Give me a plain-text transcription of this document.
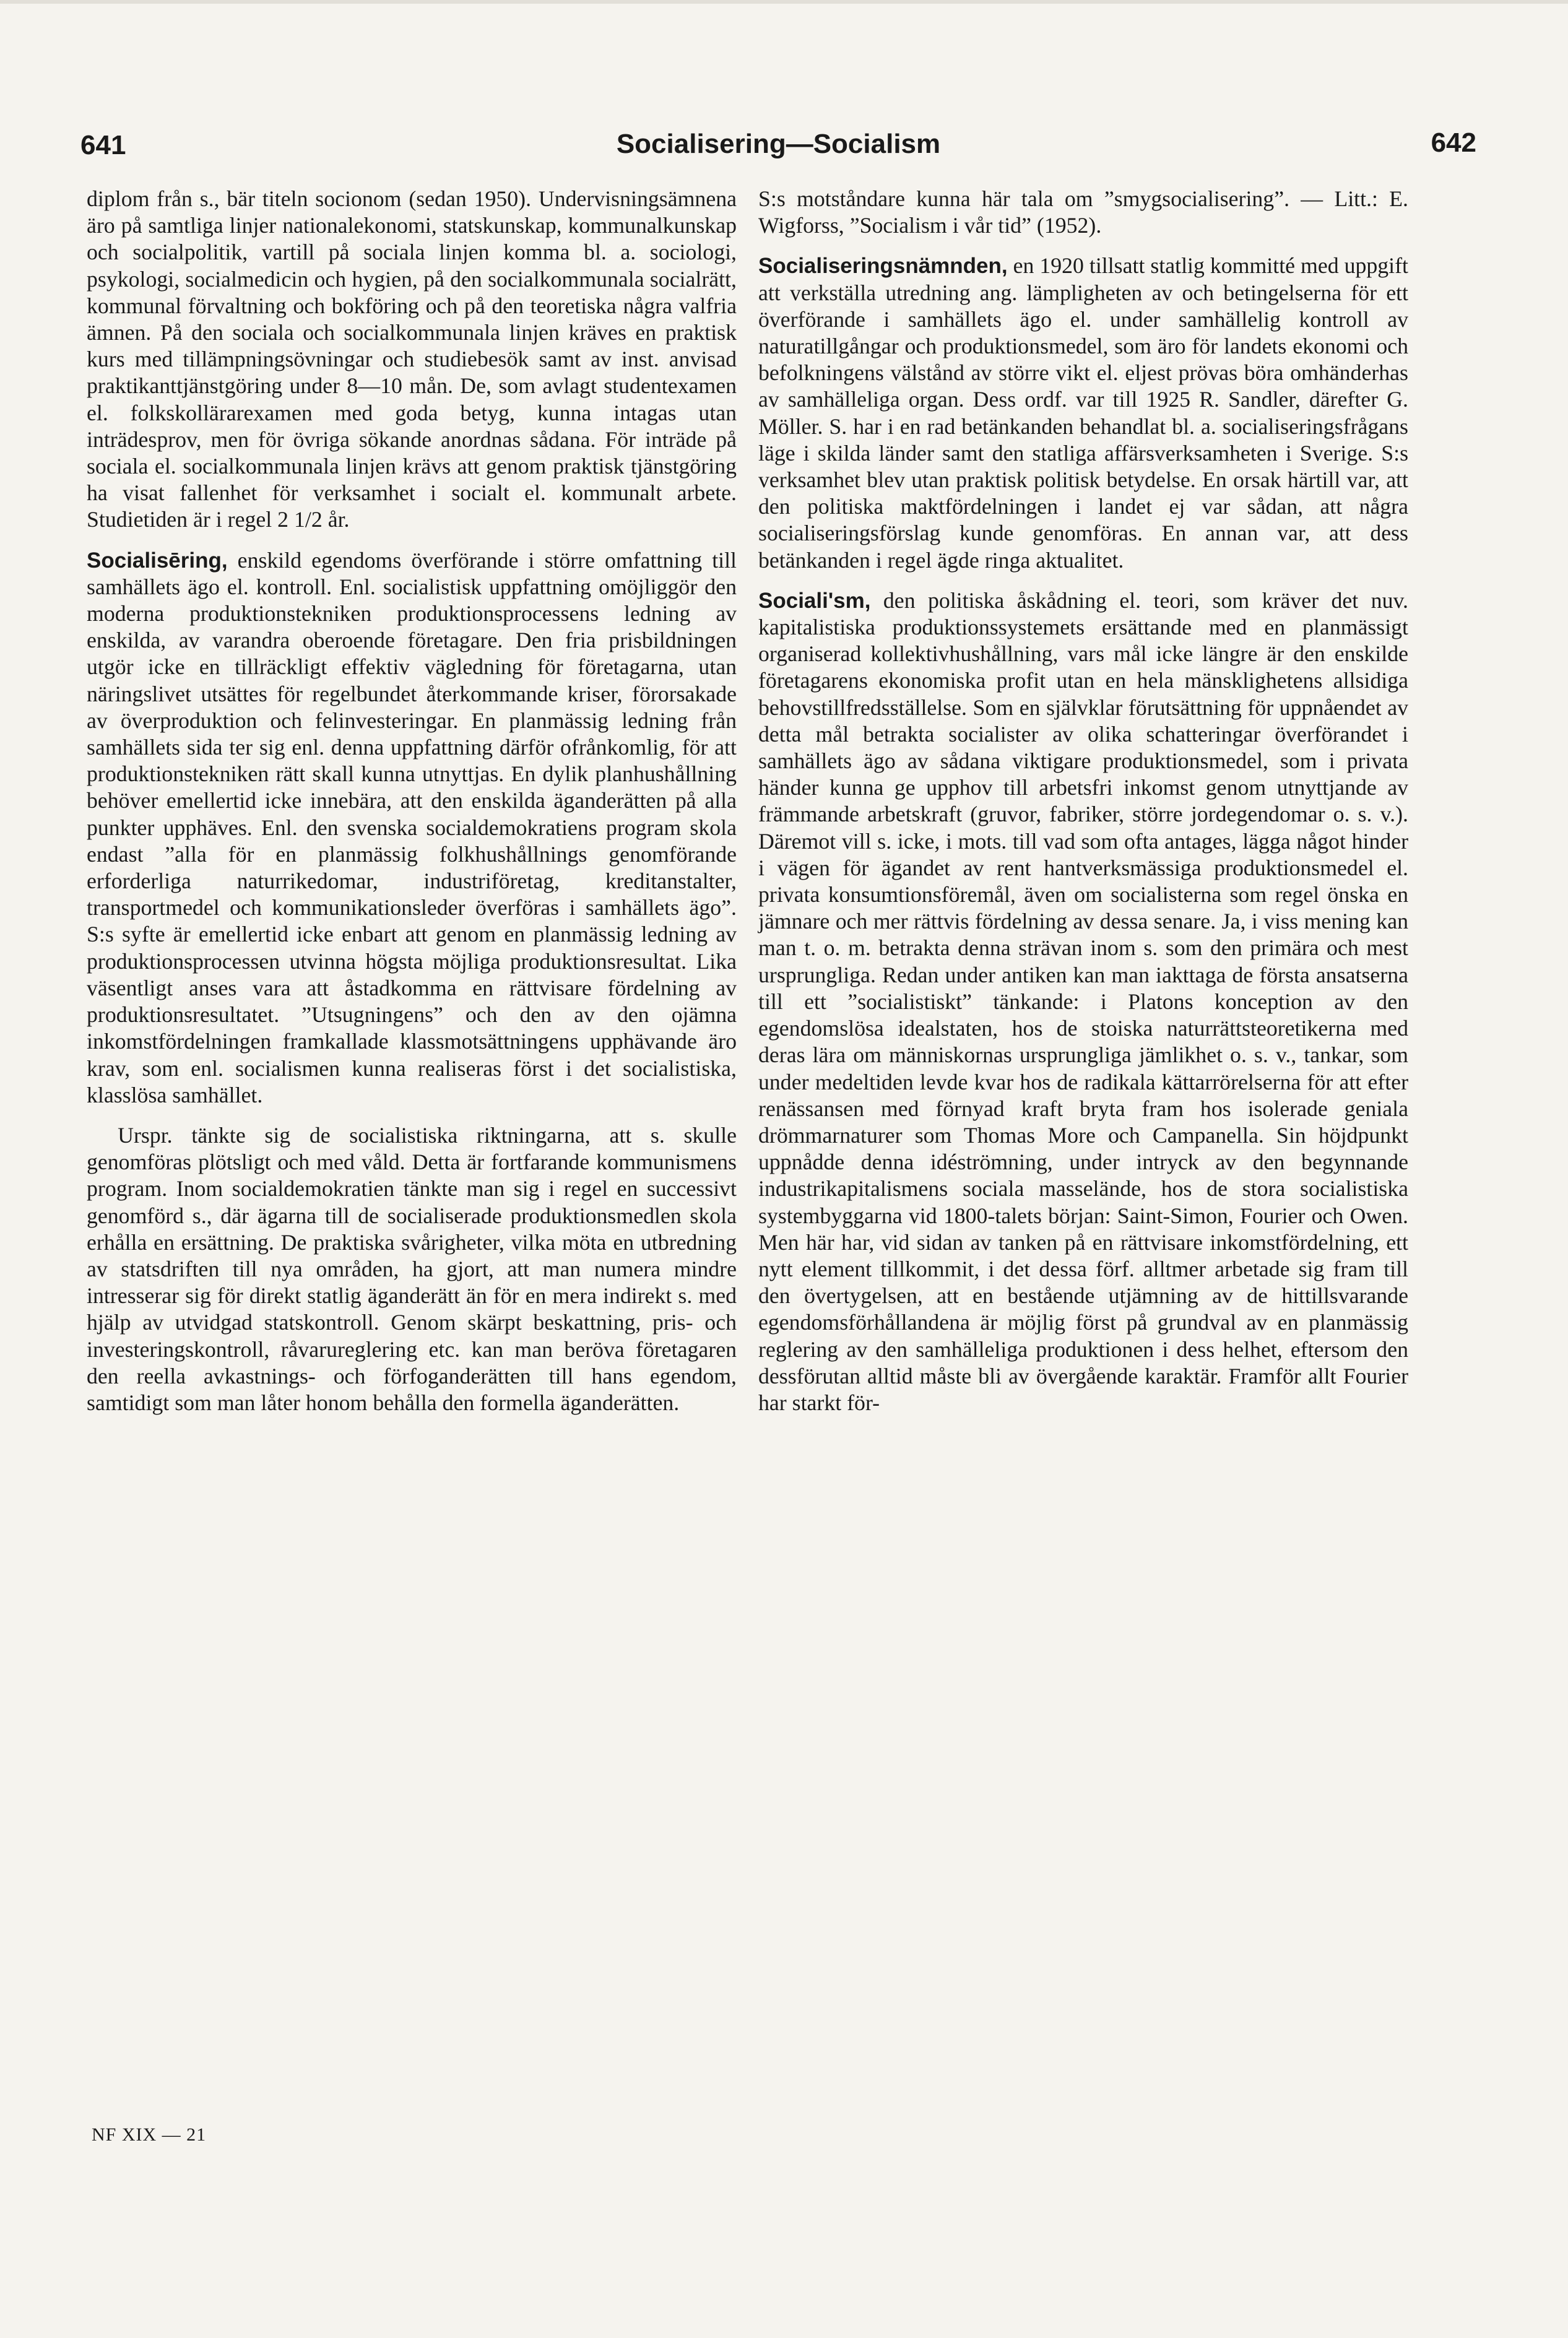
641	Socialisering—Socialism	642

diplom från s., bär titeln socionom (sedan 1950). Undervisningsämnena äro på samtliga linjer nationalekonomi, statskunskap, kommunalkunskap och socialpolitik, vartill på sociala linjen komma bl. a. sociologi, psykologi, socialmedicin och hygien, på den socialkommunala socialrätt, kommunal förvaltning och bokföring och på den teoretiska några valfria ämnen. På den sociala och socialkommunala linjen kräves en praktisk kurs med tillämpningsövningar och studiebesök samt av inst. anvisad praktikanttjänstgöring under 8—10 mån. De, som avlagt studentexamen el. folkskollärarexamen med goda betyg, kunna intagas utan inträdesprov, men för övriga sökande anordnas sådana. För inträde på sociala el. socialkommunala linjen krävs att genom praktisk tjänstgöring ha visat fallenhet för verksamhet i socialt el. kommunalt arbete. Studietiden är i regel 2 1/2 år.

Socialisēring, enskild egendoms överförande i större omfattning till samhällets ägo el. kontroll. Enl. socialistisk uppfattning omöjliggör den moderna produktionstekniken produktionsprocessens ledning av enskilda, av varandra oberoende företagare. Den fria prisbildningen utgör icke en tillräckligt effektiv vägledning för företagarna, utan näringslivet utsättes för regelbundet återkommande kriser, förorsakade av överproduktion och felinvesteringar. En planmässig ledning från samhällets sida ter sig enl. denna uppfattning därför ofrånkomlig, för att produktionstekniken rätt skall kunna utnyttjas. En dylik planhushållning behöver emellertid icke innebära, att den enskilda äganderätten på alla punkter upphäves. Enl. den svenska socialdemokratiens program skola endast ”alla för en planmässig folkhushållnings genomförande erforderliga naturrikedomar, industriföretag, kreditanstalter, transportmedel och kommunikationsleder överföras i samhällets ägo”. S:s syfte är emellertid icke enbart att genom en planmässig ledning av produktionsprocessen utvinna högsta möjliga produktionsresultat. Lika väsentligt anses vara att åstadkomma en rättvisare fördelning av produktionsresultatet. ”Utsugningens” och den av den ojämna inkomstfördelningen framkallade klassmotsättningens upphävande äro krav, som enl. socialismen kunna realiseras först i det socialistiska, klasslösa samhället.

Urspr. tänkte sig de socialistiska riktningarna, att s. skulle genomföras plötsligt och med våld. Detta är fortfarande kommunismens program. Inom socialdemokratien tänkte man sig i regel en successivt genomförd s., där ägarna till de socialiserade produktionsmedlen skola erhålla en ersättning. De praktiska svårigheter, vilka möta en utbredning av statsdriften till nya områden, ha gjort, att man numera mindre intresserar sig för direkt statlig äganderätt än för en mera indirekt s. med hjälp av utvidgad statskontroll. Genom skärpt beskattning, pris- och investeringskontroll, råvarureglering etc. kan man beröva företagaren den reella avkastnings- och förfoganderätten till hans egendom, samtidigt som man låter honom behålla den formella äganderätten.

S:s motståndare kunna här tala om ”smygsocialisering”. — Litt.: E. Wigforss, ”Socialism i vår tid” (1952).

Socialiseringsnämnden, en 1920 tillsatt statlig kommitté med uppgift att verkställa utredning ang. lämpligheten av och betingelserna för ett överförande i samhällets ägo el. under samhällelig kontroll av naturatillgångar och produktionsmedel, som äro för landets ekonomi och befolkningens välstånd av större vikt el. eljest prövas böra omhänderhas av samhälleliga organ. Dess ordf. var till 1925 R. Sandler, därefter G. Möller. S. har i en rad betänkanden behandlat bl. a. socialiseringsfrågans läge i skilda länder samt den statliga affärsverksamheten i Sverige. S:s verksamhet blev utan praktisk politisk betydelse. En orsak härtill var, att den politiska maktfördelningen i landet ej var sådan, att några socialiseringsförslag kunde genomföras. En annan var, att dess betänkanden i regel ägde ringa aktualitet.

Sociali'sm, den politiska åskådning el. teori, som kräver det nuv. kapitalistiska produktionssystemets ersättande med en planmässigt organiserad kollektivhushållning, vars mål icke längre är den enskilde företagarens ekonomiska profit utan en hela mänsklighetens allsidiga behovstillfredsställelse. Som en självklar förutsättning för uppnåendet av detta mål betrakta socialister av olika schatteringar överförandet i samhällets ägo av sådana viktigare produktionsmedel, som i privata händer kunna ge upphov till arbetsfri inkomst genom utnyttjande av främmande arbetskraft (gruvor, fabriker, större jordegendomar o. s. v.). Däremot vill s. icke, i mots. till vad som ofta antages, lägga något hinder i vägen för ägandet av rent hantverksmässiga produktionsmedel el. privata konsumtionsföremål, även om socialisterna som regel önska en jämnare och mer rättvis fördelning av dessa senare. Ja, i viss mening kan man t. o. m. betrakta denna strävan inom s. som den primära och mest ursprungliga. Redan under antiken kan man iakttaga de första ansatserna till ett ”socialistiskt” tänkande: i Platons konception av den egendomslösa idealstaten, hos de stoiska naturrättsteoretikerna med deras lära om människornas ursprungliga jämlikhet o. s. v., tankar, som under medeltiden levde kvar hos de radikala kättarrörelserna för att efter renässansen med förnyad kraft bryta fram hos isolerade geniala drömmarnaturer som Thomas More och Campanella. Sin höjdpunkt uppnådde denna idéströmning, under intryck av den begynnande industrikapitalismens sociala masselände, hos de stora socialistiska systembyggarna vid 1800-talets början: Saint-Simon, Fourier och Owen. Men här har, vid sidan av tanken på en rättvisare inkomstfördelning, ett nytt element tillkommit, i det dessa förf. alltmer arbetade sig fram till den övertygelsen, att en bestående utjämning av de hittillsvarande egendomsförhållandena är möjlig först på grundval av en planmässig reglering av den samhälleliga produktionen i dess helhet, eftersom den dessförutan alltid måste bli av övergående karaktär. Framför allt Fourier har starkt för-

NF XIX — 21
